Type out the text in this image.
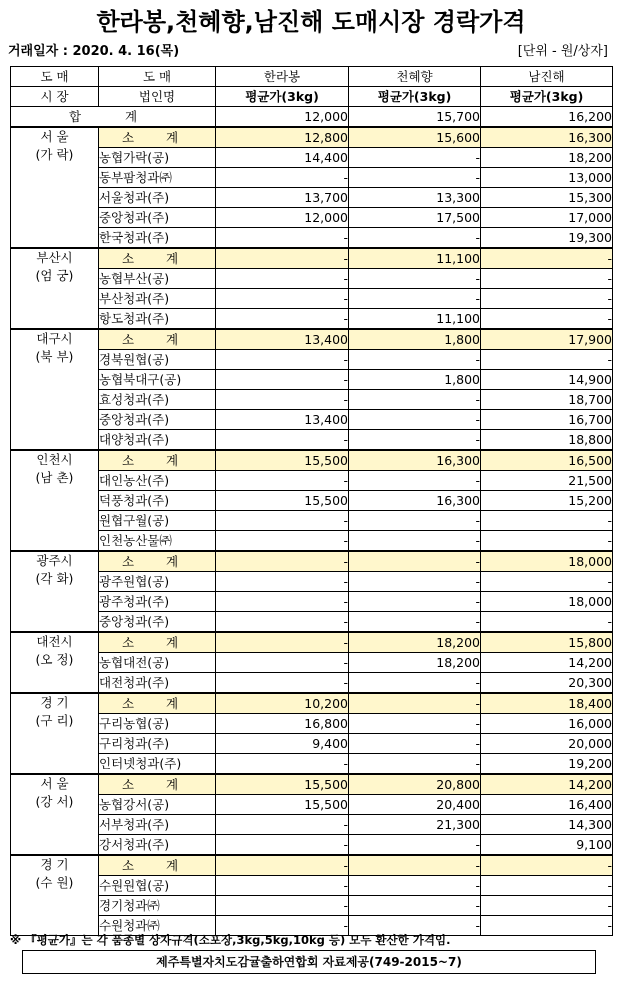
한라봉,천혜향,남진해 도매시장 경락가격
거래일자 : 2020. 4. 16(목)	[단위 - 원/상자]
도 매	도 매	한라봉	천혜향	남진해
시 장	법인명	평균가(3kg)	평균가(3kg)	평균가(3kg)
합 계		12,000	15,700	16,200

서 울
(가 락)	소 계	12,800	15,600	16,300
	농협가락(공)	14,400	-	18,200
	동부팜청과㈜	-	-	13,000
	서울청과(주)	13,700	13,300	15,300
	중앙청과(주)	12,000	17,500	17,000
	한국청과(주)	-	-	19,300

부산시
(엄 궁)	소 계	-	11,100	-
	농협부산(공)	-	-	-
	부산청과(주)	-	-	-
	항도청과(주)	-	11,100	-

대구시
(북 부)	소 계	13,400	1,800	17,900
	경북원협(공)	-	-	-
	농협북대구(공)	-	1,800	14,900
	효성청과(주)	-	-	18,700
	중앙청과(주)	13,400	-	16,700
	대양청과(주)	-	-	18,800

인천시
(남 촌)	소 계	15,500	16,300	16,500
	대인농산(주)	-	-	21,500
	덕풍청과(주)	15,500	16,300	15,200
	원협구월(공)	-	-	-
	인천농산물㈜	-	-	-

광주시
(각 화)	소 계	-	-	18,000
	광주원협(공)	-	-	-
	광주청과(주)	-	-	18,000
	중앙청과(주)	-	-	-

대전시
(오 정)	소 계	-	18,200	15,800
	농협대전(공)	-	18,200	14,200
	대전청과(주)	-	-	20,300

경 기
(구 리)	소 계	10,200	-	18,400
	구리농협(공)	16,800	-	16,000
	구리청과(주)	9,400	-	20,000
	인터넷청과(주)	-	-	19,200

서 울
(강 서)	소 계	15,500	20,800	14,200
	농협강서(공)	15,500	20,400	16,400
	서부청과(주)	-	21,300	14,300
	강서청과(주)	-	-	9,100

경 기
(수 원)	소 계	-	-	-
	수원원협(공)	-	-	-
	경기청과㈜	-	-	-
	수원청과㈜	-	-	-
※ 『평균가』는 각 품종별 상자규격(소포장,3kg,5kg,10kg 등) 모두 환산한 가격임.
제주특별자치도감귤출하연합회 자료제공(749-2015~7)
